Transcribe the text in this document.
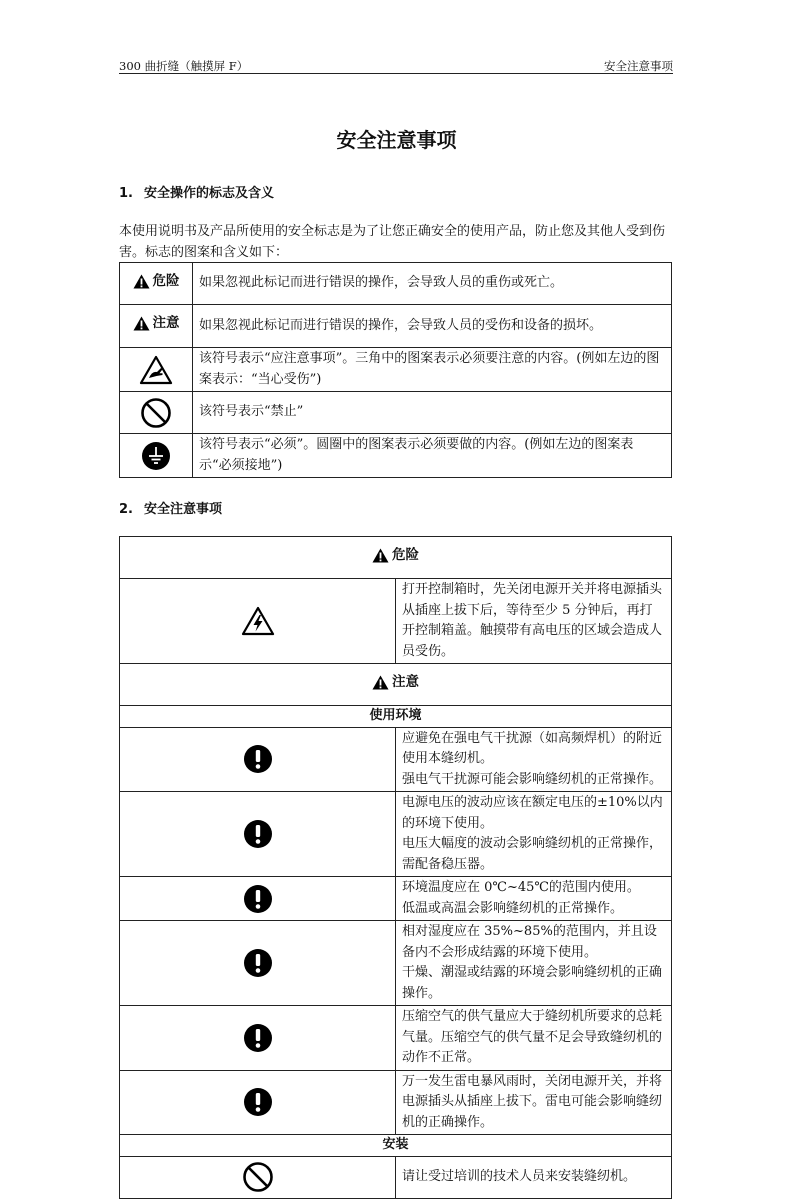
300 曲折缝（触摸屏 F）	安全注意事项
安全注意事项
1. 安全操作的标志及含义
本使用说明书及产品所使用的安全标志是为了让您正确安全的使用产品，防止您及其他人受到伤害。标志的图案和含义如下：
危险	如果忽视此标记而进行错误的操作，会导致人员的重伤或死亡。

注意	如果忽视此标记而进行错误的操作，会导致人员的受伤和设备的损坏。

	该符号表示“应注意事项”。三角中的图案表示必须要注意的内容。(例如左边的图案表示：“当心受伤”)

	该符号表示“禁止”

	该符号表示“必须”。圆圈中的图案表示必须要做的内容。(例如左边的图案表示“必须接地”)
2. 安全注意事项
危险	

	打开控制箱时，先关闭电源开关并将电源插头从插座上拔下后，等待至少 5 分钟后，再打开控制箱盖。触摸带有高电压的区域会造成人员受伤。

注意	

使用环境	

应避免在强电气干扰源（如高频焊机）的附近使用本缝纫机。
强电气干扰源可能会影响缝纫机的正常操作。

电源电压的波动应该在额定电压的±10%以内的环境下使用。
电压大幅度的波动会影响缝纫机的正常操作，需配备稳压器。

环境温度应在 0℃~45℃的范围内使用。
低温或高温会影响缝纫机的正常操作。

相对湿度应在 35%~85%的范围内，并且设备内不会形成结露的环境下使用。
干燥、潮湿或结露的环境会影响缝纫机的正确操作。

	压缩空气的供气量应大于缝纫机所要求的总耗气量。压缩空气的供气量不足会导致缝纫机的动作不正常。

	万一发生雷电暴风雨时，关闭电源开关，并将电源插头从插座上拔下。雷电可能会影响缝纫机的正确操作。
安装	

	请让受过培训的技术人员来安装缝纫机。
